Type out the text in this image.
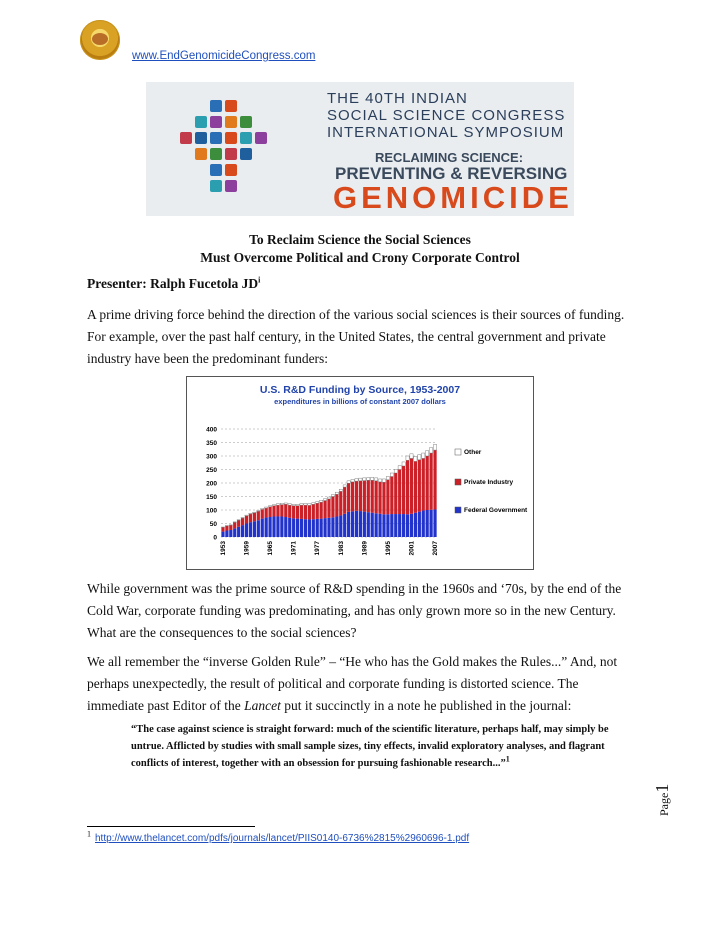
www.EndGenomicideCongress.com
THE 40TH INDIAN
SOCIAL SCIENCE CONGRESS
INTERNATIONAL SYMPOSIUM
RECLAIMING SCIENCE:
PREVENTING & REVERSING
GENOMICIDE
To Reclaim Science the Social Sciences
Must Overcome Political and Crony Corporate Control
Presenter: Ralph Fucetola $JD^i$
A prime driving force behind the direction of the various social sciences is their sources of funding. For example, over the past half century, in the United States, the central government and private industry have been the predominant funders:
U.S. R&D Funding by Source, 1953-2007
expenditures in billions of constant 2007 dollars
0
50
100
150
200
250
300
350
400
1953	1959	1965	1971	1977	1983	1989	1995	2001	2007
Other
Private Industry
Federal Government
While government was the prime source of R&D spending in the 1960s and ‘70s, by the end of the Cold War, corporate funding was predominating, and has only grown more so in the new Century. What are the consequences to the social sciences?
We all remember the “inverse Golden Rule” – “He who has the Gold makes the Rules...” And, not perhaps unexpectedly, the result of political and corporate funding is distorted science. The immediate past Editor of the Lancet put it succinctly in a note he published in the journal:
“The case against science is straight forward: much of the scientific literature, perhaps half, may simply be untrue. Afflicted by studies with small sample sizes, tiny effects, invalid exploratory analyses, and flagrant conflicts of interest, together with an obsession for pursuing fashionable research...”$^1$
$^1$ http://www.thelancet.com/pdfs/journals/lancet/PIIS0140-6736%2815%2960696-1.pdf
Page1
